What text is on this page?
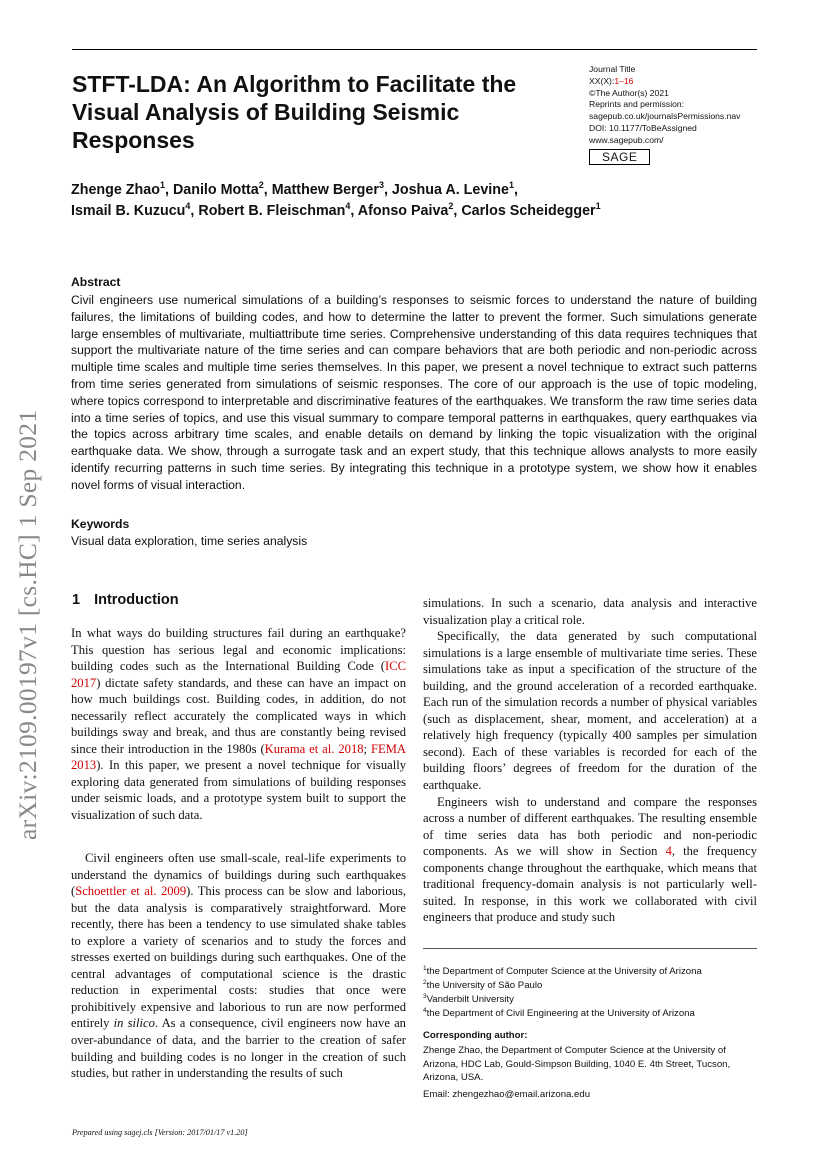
STFT-LDA: An Algorithm to Facilitate the Visual Analysis of Building Seismic Responses
Journal Title
XX(X):1–16
©The Author(s) 2021
Reprints and permission:
sagepub.co.uk/journalsPermissions.nav
DOI: 10.1177/ToBeAssigned
www.sagepub.com/
SAGE
Zhenge Zhao$^1$, Danilo Motta$^2$, Matthew Berger$^3$, Joshua A. Levine$^1$,
Ismail B. Kuzucu$^4$, Robert B. Fleischman$^4$, Afonso Paiva$^2$, Carlos Scheidegger$^1$
Abstract
Civil engineers use numerical simulations of a building’s responses to seismic forces to understand the nature of building failures, the limitations of building codes, and how to determine the latter to prevent the former. Such simulations generate large ensembles of multivariate, multiattribute time series. Comprehensive understanding of this data requires techniques that support the multivariate nature of the time series and can compare behaviors that are both periodic and non-periodic across multiple time scales and multiple time series themselves. In this paper, we present a novel technique to extract such patterns from time series generated from simulations of seismic responses. The core of our approach is the use of topic modeling, where topics correspond to interpretable and discriminative features of the earthquakes. We transform the raw time series data into a time series of topics, and use this visual summary to compare temporal patterns in earthquakes, query earthquakes via the topics across arbitrary time scales, and enable details on demand by linking the topic visualization with the original earthquake data. We show, through a surrogate task and an expert study, that this technique allows analysts to more easily identify recurring patterns in such time series. By integrating this technique in a prototype system, we show how it enables novel forms of visual interaction.
Keywords
Visual data exploration, time series analysis
1 Introduction

In what ways do building structures fail during an earthquake? This question has serious legal and economic implications: building codes such as the International Building Code (ICC 2017) dictate safety standards, and these can have an impact on how much buildings cost. Building codes, in addition, do not necessarily reflect accurately the complicated ways in which buildings sway and break, and thus are constantly being revised since their introduction in the 1980s (Kurama et al. 2018; FEMA 2013). In this paper, we present a novel technique for visually exploring data generated from simulations of building responses under seismic loads, and a prototype system built to support the visualization of such data.

Civil engineers often use small-scale, real-life experiments to understand the dynamics of buildings during such earthquakes (Schoettler et al. 2009). This process can be slow and laborious, but the data analysis is comparatively straightforward. More recently, there has been a tendency to use simulated shake tables to explore a variety of scenarios and to study the forces and stresses exerted on buildings during such earthquakes. One of the central advantages of computational science is the drastic reduction in experimental costs: studies that once were prohibitively expensive and laborious to run are now performed entirely in silico. As a consequence, civil engineers now have an over-abundance of data, and the barrier to the creation of safer building and building codes is no longer in the creation of such studies, but rather in understanding the results of such

simulations. In such a scenario, data analysis and interactive visualization play a critical role.

Specifically, the data generated by such computational simulations is a large ensemble of multivariate time series. These simulations take as input a specification of the structure of the building, and the ground acceleration of a recorded earthquake. Each run of the simulation records a number of physical variables (such as displacement, shear, moment, and acceleration) at a relatively high frequency (typically 400 samples per simulation second). Each of these variables is recorded for each of the building floors’ degrees of freedom for the duration of the earthquake.

Engineers wish to understand and compare the responses across a number of different earthquakes. The resulting ensemble of time series data has both periodic and non-periodic components. As we will show in Section 4, the frequency components change throughout the earthquake, which means that traditional frequency-domain analysis is not particularly well-suited. In response, in this work we collaborated with civil engineers that produce and study such

$^1$the Department of Computer Science at the University of Arizona
$^2$the University of São Paulo
$^3$Vanderbilt University
$^4$the Department of Civil Engineering at the University of Arizona
Corresponding author:
Zhenge Zhao, the Department of Computer Science at the University of Arizona, HDC Lab, Gould-Simpson Building, 1040 E. 4th Street, Tucson, Arizona, USA.
Email: zhengezhao@email.arizona.edu
Prepared using sagej.cls [Version: 2017/01/17 v1.20]
arXiv:2109.00197v1 [cs.HC] 1 Sep 2021
